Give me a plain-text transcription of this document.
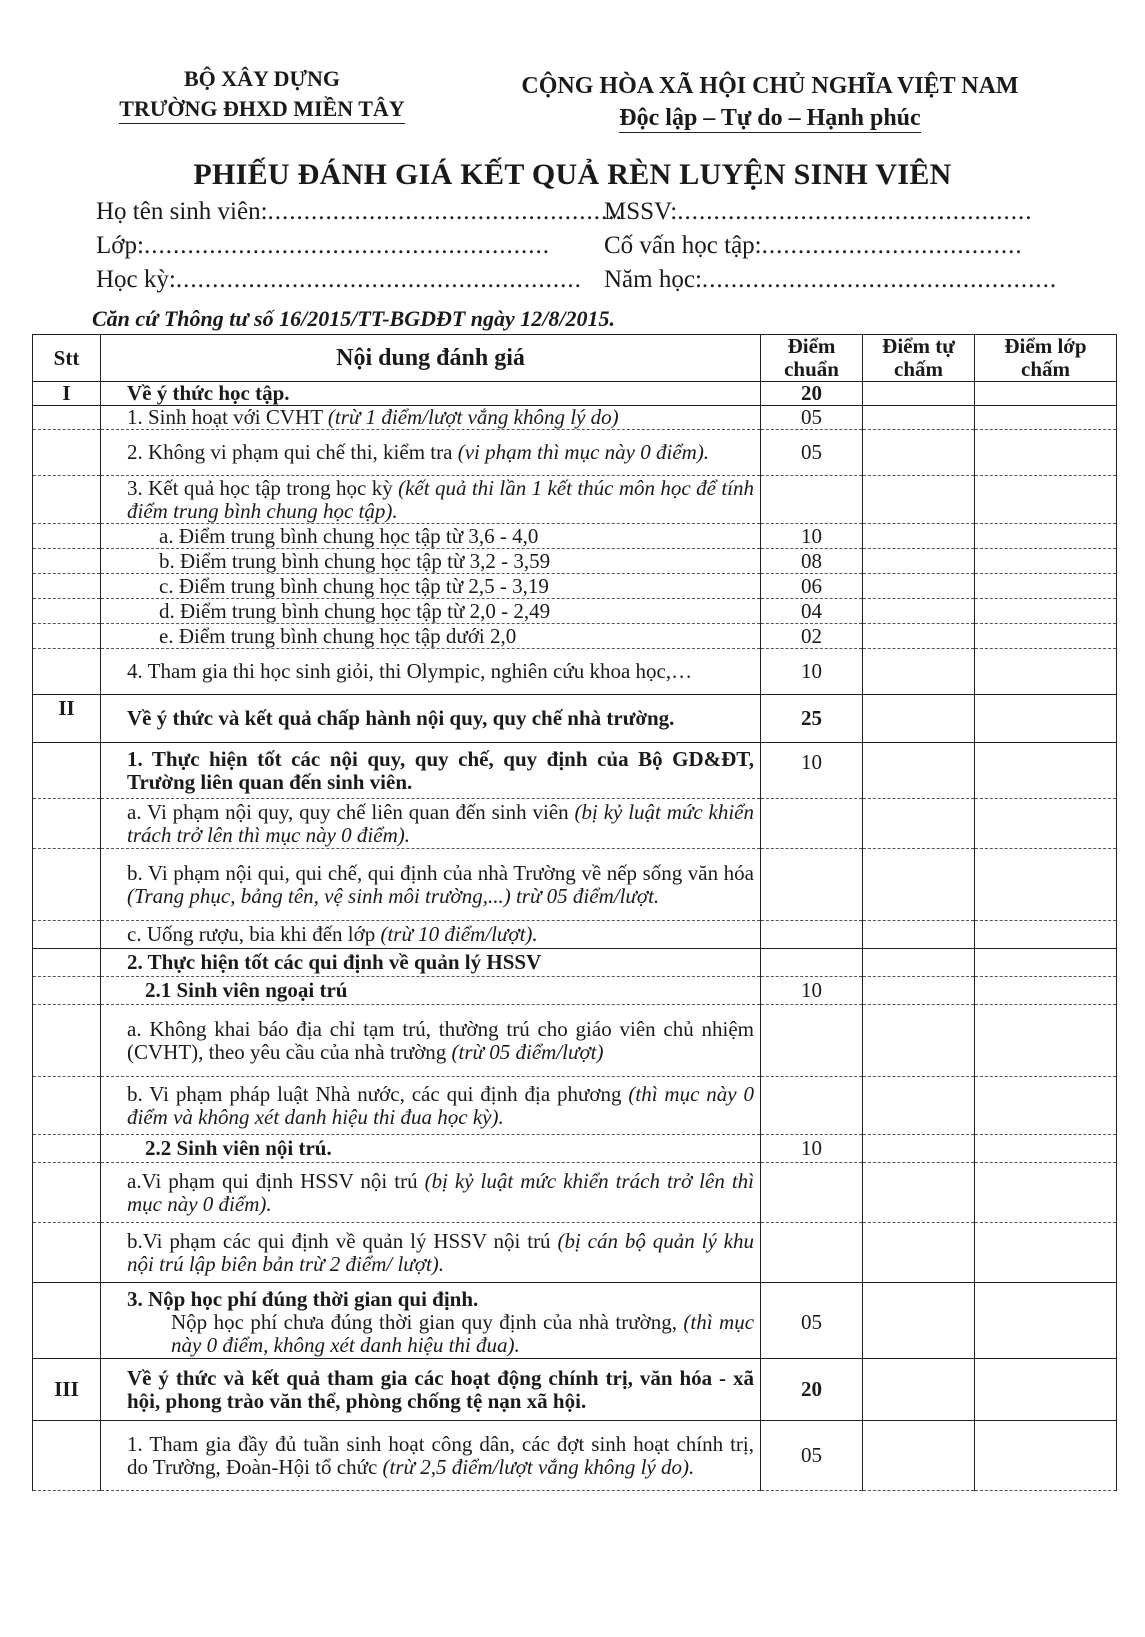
BỘ XÂY DỰNG
TRƯỜNG ĐHXD MIỀN TÂY
CỘNG HÒA XÃ HỘI CHỦ NGHĨA VIỆT NAM
Độc lập – Tự do – Hạnh phúc
PHIẾU ĐÁNH GIÁ KẾT QUẢ RÈN LUYỆN SINH VIÊN
Họ tên sinh viên:.................................................
MSSV:.................................................
Lớp:........................................................ Cố vấn học tập:....................................
Học kỳ:........................................................ Năm học:.................................................
Căn cứ Thông tư số 16/2015/TT-BGDĐT ngày 12/8/2015.
Stt	Nội dung đánh giá	Điểm chuẩn	Điểm tự chấm	Điểm lớp chấm
I	Về ý thức học tập.	20		
	1. Sinh hoạt với CVHT (trừ 1 điểm/lượt vắng không lý do)	05		
	2. Không vi phạm qui chế thi, kiểm tra (vi phạm thì mục này 0 điểm).	05		
	3. Kết quả học tập trong học kỳ (kết quả thi lần 1 kết thúc môn học để tính điểm trung bình chung học tập).			
	a. Điểm trung bình chung học tập từ 3,6 - 4,0	10		
	b. Điểm trung bình chung học tập từ 3,2 - 3,59	08		
	c. Điểm trung bình chung học tập từ 2,5 - 3,19	06		
	d. Điểm trung bình chung học tập từ 2,0 - 2,49	04		
	e. Điểm trung bình chung học tập dưới 2,0	02		
	4. Tham gia thi học sinh giỏi, thi Olympic, nghiên cứu khoa học,…	10		
II	Về ý thức và kết quả chấp hành nội quy, quy chế nhà trường.	25		
	1. Thực hiện tốt các nội quy, quy chế, quy định của Bộ GD&ĐT, Trường liên quan đến sinh viên.	10		
	a. Vi phạm nội quy, quy chế liên quan đến sinh viên (bị kỷ luật mức khiển trách trở lên thì mục này 0 điểm).			
	b. Vi phạm nội qui, qui chế, qui định của nhà Trường về nếp sống văn hóa (Trang phục, bảng tên, vệ sinh môi trường,...) trừ 05 điểm/lượt.			
	c. Uống rượu, bia khi đến lớp (trừ 10 điểm/lượt).			
	2. Thực hiện tốt các qui định về quản lý HSSV			
	2.1 Sinh viên ngoại trú	10		
	a. Không khai báo địa chỉ tạm trú, thường trú cho giáo viên chủ nhiệm (CVHT), theo yêu cầu của nhà trường (trừ 05 điểm/lượt)			
	b. Vi phạm pháp luật Nhà nước, các qui định địa phương (thì mục này 0 điểm và không xét danh hiệu thi đua học kỳ).			
	2.2 Sinh viên nội trú.	10		
	a.Vi phạm qui định HSSV nội trú (bị kỷ luật mức khiển trách trở lên thì mục này 0 điểm).			
	b.Vi phạm các qui định về quản lý HSSV nội trú (bị cán bộ quản lý khu nội trú lập biên bản trừ 2 điểm/ lượt).			
	3. Nộp học phí đúng thời gian qui định.			
	Nộp học phí chưa đúng thời gian quy định của nhà trường, (thì mục này 0 điểm, không xét danh hiệu thi đua).	05		
III	Về ý thức và kết quả tham gia các hoạt động chính trị, văn hóa - xã hội, phong trào văn thể, phòng chống tệ nạn xã hội.	20		
	1. Tham gia đầy đủ tuần sinh hoạt công dân, các đợt sinh hoạt chính trị, do Trường, Đoàn-Hội tổ chức (trừ 2,5 điểm/lượt vắng không lý do).	05		
